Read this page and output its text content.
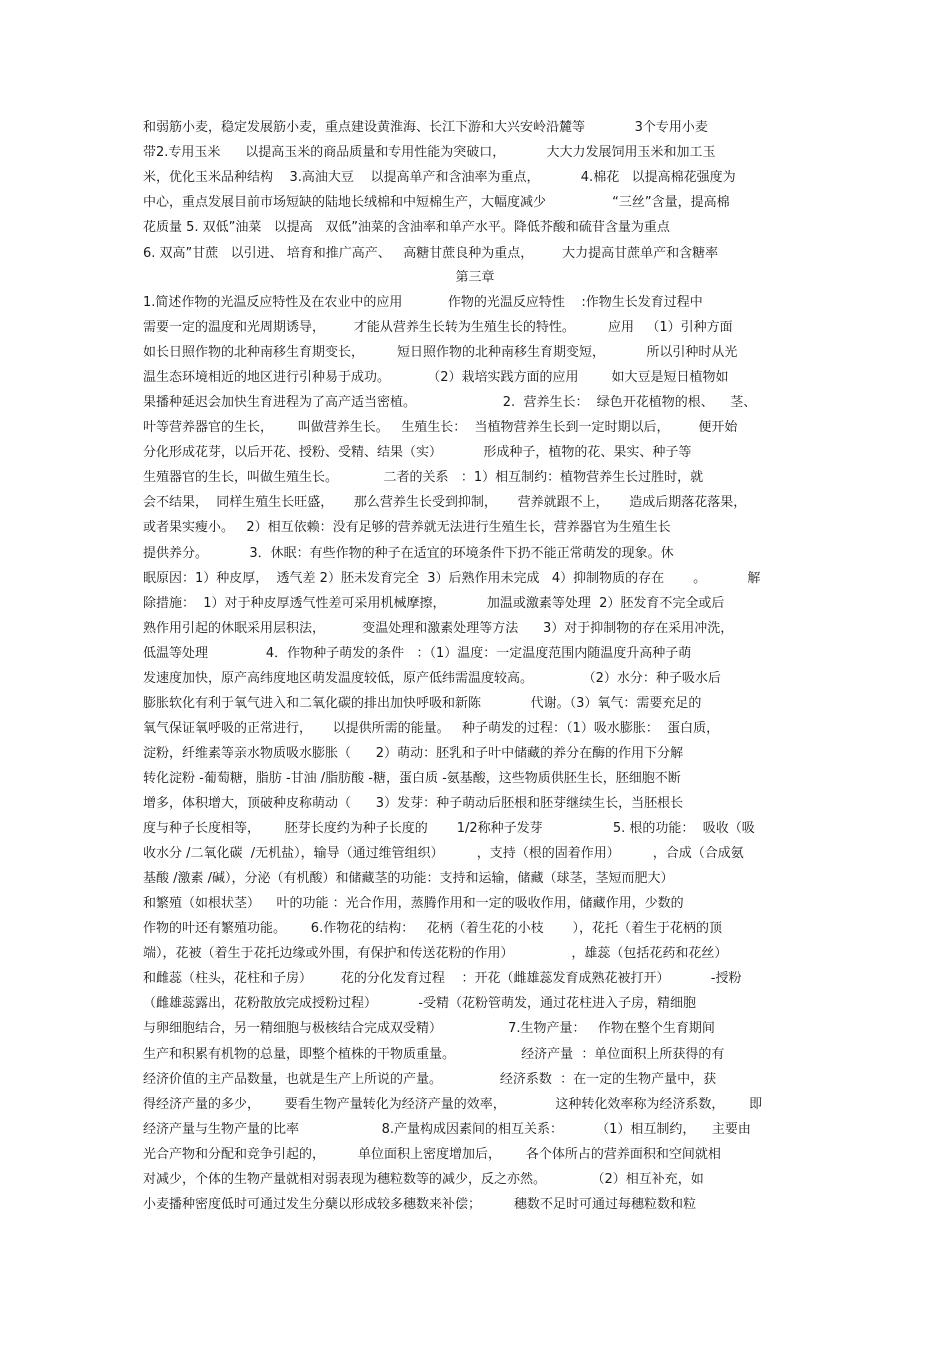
和弱筋小麦，稳定发展筋小麦，重点建设黄淮海、长江下游和大兴安岭沿麓等            3个专用小麦
带2.专用玉米      以提高玉米的商品质量和专用性能为突破口，          大大力发展饲用玉米和加工玉
米，优化玉米品种结构    3.高油大豆    以提高单产和含油率为重点，          4.棉花   以提高棉花强度为
中心，重点发展目前市场短缺的陆地长绒棉和中短棉生产，大幅度减少                “三丝”含量，提高棉
花质量 5. 双低”油菜   以提高   双低”油菜的含油率和单产水平。降低芥酸和硫苷含量为重点
6. 双高”甘蔗   以引进、 培育和推广高产、   高糖甘蔗良种为重点，       大力提高甘蔗单产和含糖率
第三章
1.简述作物的光温反应特性及在农业中的应用           作物的光温反应特性    :作物生长发育过程中
需要一定的温度和光周期诱导，       才能从营养生长转为生殖生长的特性。        应用   （1）引种方面
如长日照作物的北种南移生育期变长，        短日照作物的北种南移生育期变短，          所以引种时从光
温生态环境相近的地区进行引种易于成功。         （2）栽培实践方面的应用        如大豆是短日植物如
果播种延迟会加快生育进程为了高产适当密植。                     2.  营养生长：  绿色开花植物的根、    茎、
叶等营养器官的生长，      叫做营养生长。   生殖生长：  当植物营养生长到一定时期以后，       便开始
分化形成花芽，以后开花、授粉、受精、结果（实）          形成种子，植物的花、果实、种子等
生殖器官的生长，叫做生殖生长。           二者的关系   ：1）相互制约：植物营养生长过胜时，就
会不结果，  同样生殖生长旺盛，     那么营养生长受到抑制，     营养就跟不上，     造成后期落花落果，
或者果实瘦小。   2）相互依赖：没有足够的营养就无法进行生殖生长，营养器官为生殖生长
提供养分。          3．休眠：有些作物的种子在适宜的环境条件下扔不能正常萌发的现象。休
眠原因：1）种皮厚，  透气差 2）胚未发育完全  3）后熟作用未完成   4）抑制物质的存在       。          解
除措施：  1）对于种皮厚透气性差可采用机械摩擦，          加温或激素等处理  2）胚发育不完全或后
熟作用引起的休眠采用层积法，         变温处理和激素处理等方法      3）对于抑制物的存在采用冲洗，
低温等处理              4．作物种子萌发的条件   ：（1）温度：一定温度范围内随温度升高种子萌
发速度加快，原产高纬度地区萌发温度较低，原产低纬需温度较高。            （2）水分：种子吸水后
膨胀软化有利于氧气进入和二氧化碳的排出加快呼吸和新陈            代谢。（3）氧气：需要充足的
氧气保证氧呼吸的正常进行，     以提供所需的能量。   种子萌发的过程：（1）吸水膨胀：  蛋白质，
淀粉，纤维素等亲水物质吸水膨胀（      2）萌动：胚乳和子叶中储藏的养分在酶的作用下分解
转化淀粉 -葡萄糖，脂肪 -甘油 /脂肪酸 -糖，蛋白质 -氨基酸，这些物质供胚生长，胚细胞不断
增多，体积增大，顶破种皮称萌动（      3）发芽：种子萌动后胚根和胚芽继续生长，当胚根长
度与种子长度相等，      胚芽长度约为种子长度的       1/2称种子发芽                 5. 根的功能：  吸收（吸
收水分 /二氧化碳  /无机盐），输导（通过维管组织）        ，支持（根的固着作用）        ，合成（合成氨
基酸 /激素 /碱），分泌（有机酸）和储藏茎的功能：支持和运输，储藏（球茎，茎短而肥大）
和繁殖（如根状茎）    叶的功能 ：光合作用，蒸腾作用和一定的吸收作用，储藏作用，少数的
作物的叶还有繁殖功能。      6.作物花的结构：   花柄（着生花的小枝       ），花托（着生于花柄的顶
端），花被（着生于花托边缘或外围，有保护和传送花粉的作用）              ，雄蕊（包括花药和花丝）
和雌蕊（柱头，花柱和子房）       花的分化发育过程    ：开花（雌雄蕊发育成熟花被打开）          -授粉
（雌雄蕊露出，花粉散放完成授粉过程）          -受精（花粉管萌发，通过花柱进入子房，精细胞
与卵细胞结合，另一精细胞与极核结合完成双受精）                7.生物产量：   作物在整个生育期间
生产和积累有机物的总量，即整个植株的干物质重量。                经济产量  ：单位面积上所获得的有
经济价值的主产品数量，也就是生产上所说的产量。              经济系数  ：在一定的生物产量中，获
得经济产量的多少，      要看生物产量转化为经济产量的效率，            这种转化效率称为经济系数，      即
经济产量与生物产量的比率                    8.产量构成因素间的相互关系：        （1）相互制约，    主要由
光合产物和分配和竞争引起的，        单位面积上密度增加后，      各个体所占的营养面积和空间就相
对减少，个体的生物产量就相对弱表现为穗粒数等的减少，反之亦然。           （2）相互补充，如
小麦播种密度低时可通过发生分蘖以形成较多穗数来补偿；        穗数不足时可通过每穗粒数和粒
